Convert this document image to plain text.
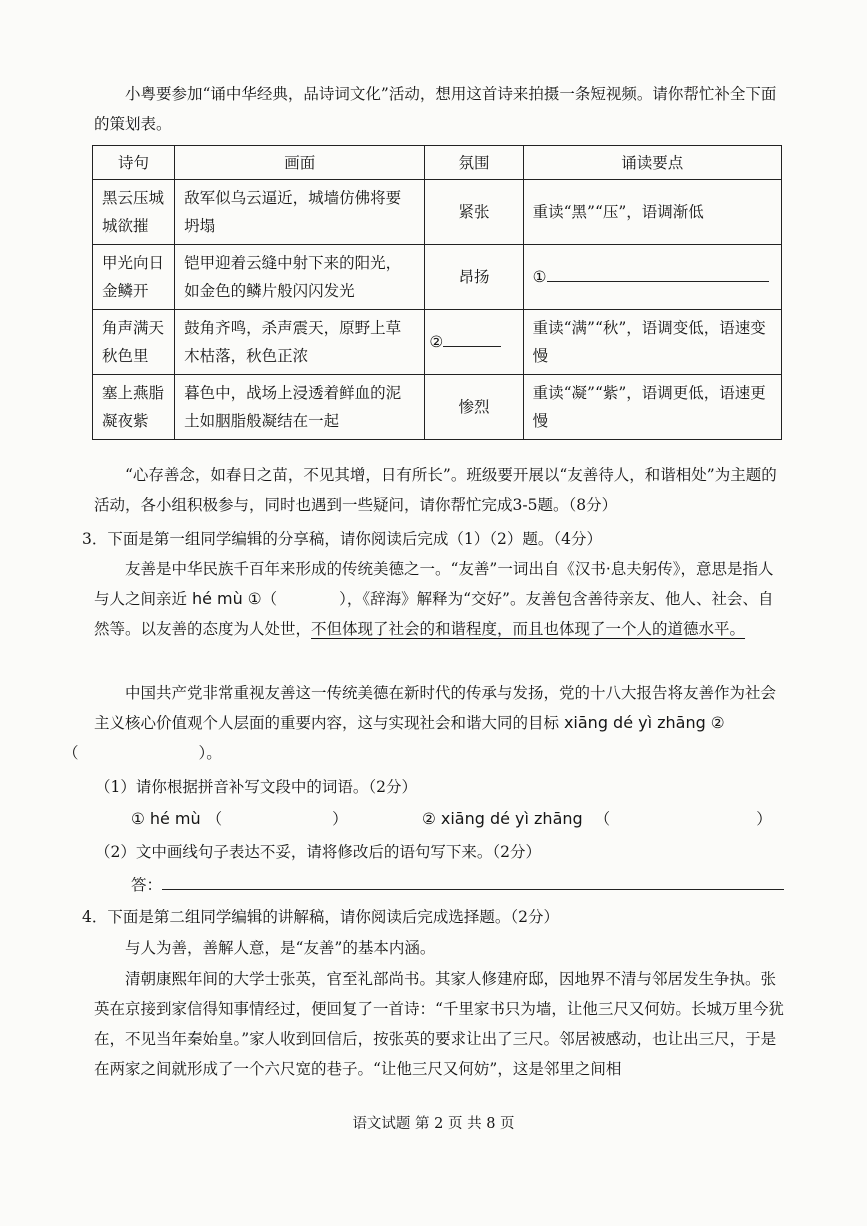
小粤要参加“诵中华经典，品诗词文化”活动，想用这首诗来拍摄一条短视频。请你帮忙补全下面的策划表。

诗句	画面	氛围	诵读要点
黑云压城城欲摧	敌军似乌云逼近，城墙仿佛将要坍塌	紧张	重读“黑”“压”，语调渐低
甲光向日金鳞开	铠甲迎着云缝中射下来的阳光，如金色的鳞片般闪闪发光	昂扬	①
角声满天秋色里	鼓角齐鸣，杀声震天，原野上草木枯落，秋色正浓	②	重读“满”“秋”，语调变低，语速变慢
塞上燕脂凝夜紫	暮色中，战场上浸透着鲜血的泥土如胭脂般凝结在一起	惨烈	重读“凝”“紫”，语调更低，语速更慢

“心存善念，如春日之苗，不见其增，日有所长”。班级要开展以“友善待人，和谐相处”为主题的活动，各小组积极参与，同时也遇到一些疑问，请你帮忙完成3-5题。（8分）

3．下面是第一组同学编辑的分享稿，请你阅读后完成（1）（2）题。（4分）

友善是中华民族千百年来形成的传统美德之一。“友善”一词出自《汉书·息夫躬传》，意思是指人与人之间亲近 hé mù ①（	），《辞海》解释为“交好”。友善包含善待亲友、他人、社会、自然等。以友善的态度为人处世，不但体现了社会的和谐程度，而且也体现了一个人的道德水平。

中国共产党非常重视友善这一传统美德在新时代的传承与发扬，党的十八大报告将友善作为社会主义核心价值观个人层面的重要内容，这与实现社会和谐大同的目标 xiāng dé yì zhāng ②
（	）。

（1）请你根据拼音补写文段中的词语。（2分）

① hé mù （	）	② xiāng dé yì zhāng （	）

（2）文中画线句子表达不妥，请将修改后的语句写下来。（2分）

答：

4．下面是第二组同学编辑的讲解稿，请你阅读后完成选择题。（2分）

与人为善，善解人意，是“友善”的基本内涵。

清朝康熙年间的大学士张英，官至礼部尚书。其家人修建府邸，因地界不清与邻居发生争执。张英在京接到家信得知事情经过，便回复了一首诗：“千里家书只为墙，让他三尺又何妨。长城万里今犹在，不见当年秦始皇。”家人收到回信后，按张英的要求让出了三尺。邻居被感动，也让出三尺，于是在两家之间就形成了一个六尺宽的巷子。“让他三尺又何妨”，这是邻里之间相

语文试题 第 2 页 共 8 页
